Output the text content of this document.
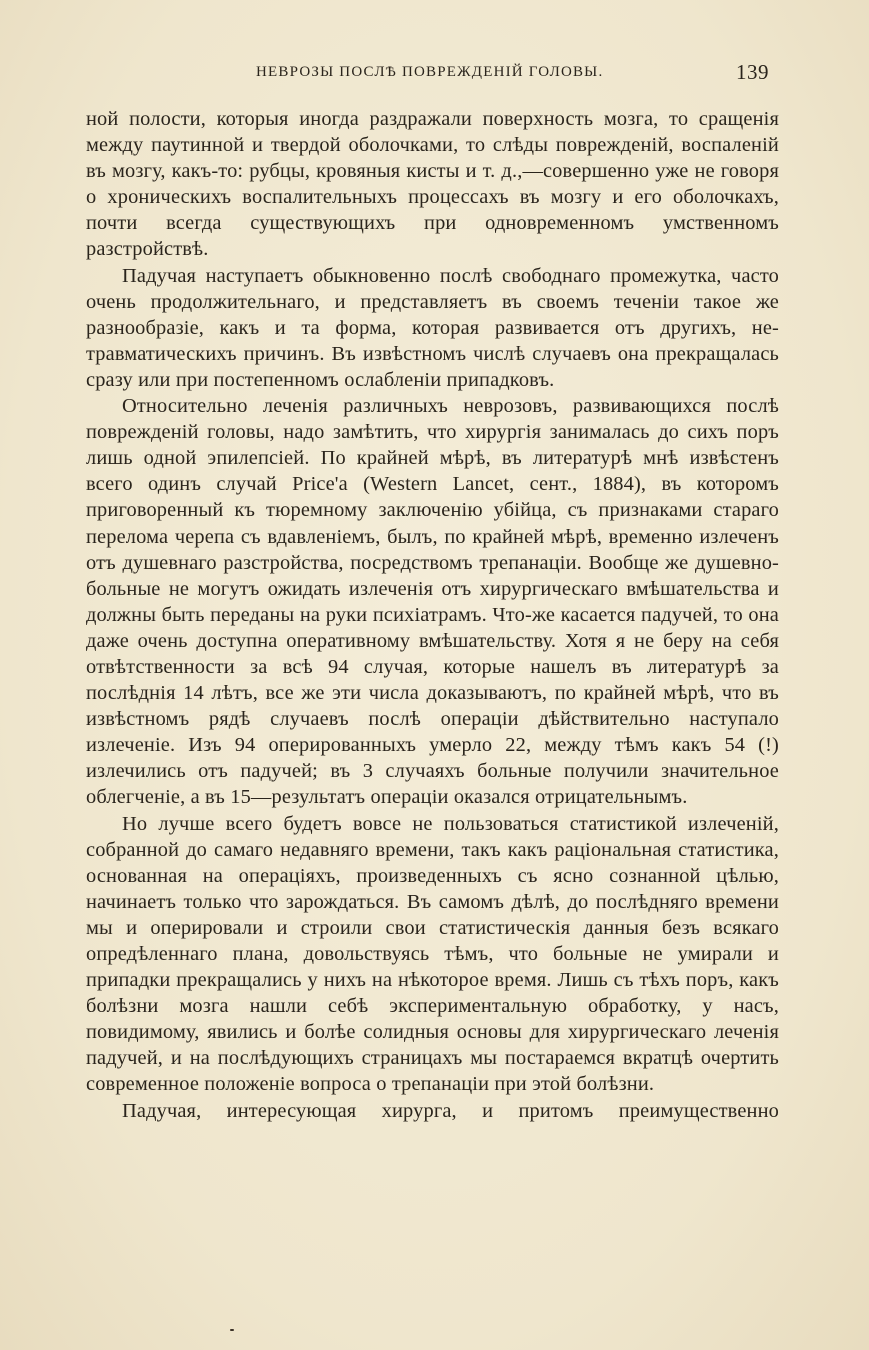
НЕВРОЗЫ ПОСЛѢ ПОВРЕЖДЕНІЙ ГОЛОВЫ.	139

ной полости, которыя иногда раздражали поверхность мозга, то сращенія между паутинной и твердой оболочками, то слѣды поврежденій, воспаленій въ мозгу, какъ-то: рубцы, кровяныя кисты и т. д.,—совершенно уже не говоря о хроническихъ воспалительныхъ процессахъ въ мозгу и его оболочкахъ, почти всегда существующихъ при одновременномъ умственномъ разстройствѣ.

Падучая наступаетъ обыкновенно послѣ свободнаго промежутка, часто очень продолжительнаго, и представляетъ въ своемъ теченіи такое же разнообразіе, какъ и та форма, которая развивается отъ другихъ, не-травматическихъ причинъ. Въ извѣстномъ числѣ случаевъ она прекращалась сразу или при постепенномъ ослабленіи припадковъ.

Относительно леченія различныхъ неврозовъ, развивающихся послѣ поврежденій головы, надо замѣтить, что хирургія занималась до сихъ поръ лишь одной эпилепсіей. По крайней мѣрѣ, въ литературѣ мнѣ извѣстенъ всего одинъ случай Price'а (Western Lancet, сент., 1884), въ которомъ приговоренный къ тюремному заключенію убійца, съ признаками стараго перелома черепа съ вдавленіемъ, былъ, по крайней мѣрѣ, временно излеченъ отъ душевнаго разстройства, посредствомъ трепанаціи. Вообще же душевно-больные не могутъ ожидать излеченія отъ хирургическаго вмѣшательства и должны быть переданы на руки психіатрамъ. Что-же касается падучей, то она даже очень доступна оперативному вмѣшательству. Хотя я не беру на себя отвѣтственности за всѣ 94 случая, которые нашелъ въ литературѣ за послѣднія 14 лѣтъ, все же эти числа доказываютъ, по крайней мѣрѣ, что въ извѣстномъ рядѣ случаевъ послѣ операціи дѣйствительно наступало излеченіе. Изъ 94 оперированныхъ умерло 22, между тѣмъ какъ 54 (!) излечились отъ падучей; въ 3 случаяхъ больные получили значительное облегченіе, а въ 15—результатъ операціи оказался отрицательнымъ.

Но лучше всего будетъ вовсе не пользоваться статистикой излеченій, собранной до самаго недавняго времени, такъ какъ раціональная статистика, основанная на операціяхъ, произведенныхъ съ ясно сознанной цѣлью, начинаетъ только что зарождаться. Въ самомъ дѣлѣ, до послѣдняго времени мы и оперировали и строили свои статистическія данныя безъ всякаго опредѣленнаго плана, довольствуясь тѣмъ, что больные не умирали и припадки прекращались у нихъ на нѣкоторое время. Лишь съ тѣхъ поръ, какъ болѣзни мозга нашли себѣ экспериментальную обработку, у насъ, повидимому, явились и болѣе солидныя основы для хирургическаго леченія падучей, и на послѣдующихъ страницахъ мы постараемся вкратцѣ очертить современное положеніе вопроса о трепанаціи при этой болѣзни.

Падучая, интересующая хирурга, и притомъ преимущественно
